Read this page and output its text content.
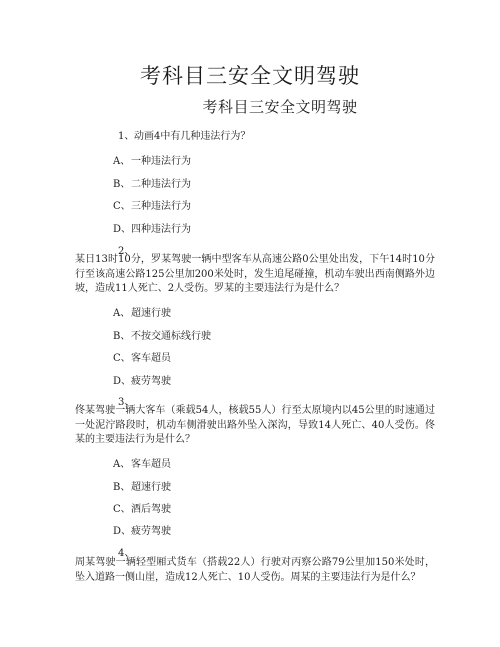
考科目三安全文明驾驶
考科目三安全文明驾驶
1、 动画4中有几种违法行为？
A、 一种违法行为
B、 二种违法行为
C、 三种违法行为
D、 四种违法行为
2、
某日13时10分，罗某驾驶一辆中型客车从高速公路0公里处出发，下午14时10分行至该高速公路125公里加200米处时，发生追尾碰撞，机动车驶出西南侧路外边坡，造成11人死亡、2人受伤。罗某的主要违法行为是什么？
A、 超速行驶
B、 不按交通标线行驶
C、 客车超员
D、 疲劳驾驶
3、
佟某驾驶一辆大客车（乘载54人，核载55人）行至太原境内以45公里的时速通过一处泥泞路段时，机动车侧滑驶出路外坠入深沟，导致14人死亡、40人受伤。佟某的主要违法行为是什么？
A、 客车超员
B、 超速行驶
C、 酒后驾驶
D、 疲劳驾驶
4、
周某驾驶一辆轻型厢式货车（搭载22人）行驶对丙察公路79公里加150米处时，坠入道路一侧山崖，造成12人死亡、10人受伤。周某的主要违法行为是什么？
